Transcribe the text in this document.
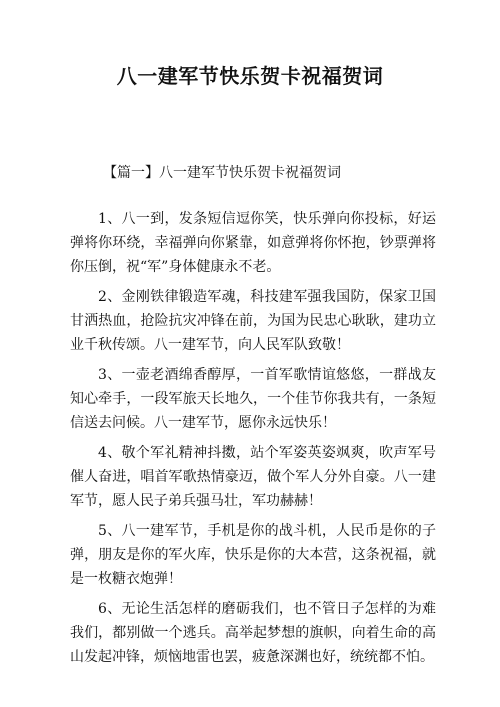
八一建军节快乐贺卡祝福贺词
【篇一】八一建军节快乐贺卡祝福贺词
1、八一到，发条短信逗你笑，快乐弹向你投标，好运
弹将你环绕，幸福弹向你紧靠，如意弹将你怀抱，钞票弹将
你压倒，祝“军”身体健康永不老。
2、金刚铁律锻造军魂，科技建军强我国防，保家卫国
甘洒热血，抢险抗灾冲锋在前，为国为民忠心耿耿，建功立
业千秋传颂。八一建军节，向人民军队致敬！
3、一壶老酒绵香醇厚，一首军歌情谊悠悠，一群战友
知心牵手，一段军旅天长地久，一个佳节你我共有，一条短
信送去问候。八一建军节，愿你永远快乐！
4、敬个军礼精神抖擞，站个军姿英姿飒爽，吹声军号
催人奋进，唱首军歌热情豪迈，做个军人分外自豪。八一建
军节，愿人民子弟兵强马壮，军功赫赫！
5、八一建军节，手机是你的战斗机，人民币是你的子
弹，朋友是你的军火库，快乐是你的大本营，这条祝福，就
是一枚糖衣炮弹！
6、无论生活怎样的磨砺我们，也不管日子怎样的为难
我们，都别做一个逃兵。高举起梦想的旗帜，向着生命的高
山发起冲锋，烦恼地雷也罢，疲惫深渊也好，统统都不怕。
